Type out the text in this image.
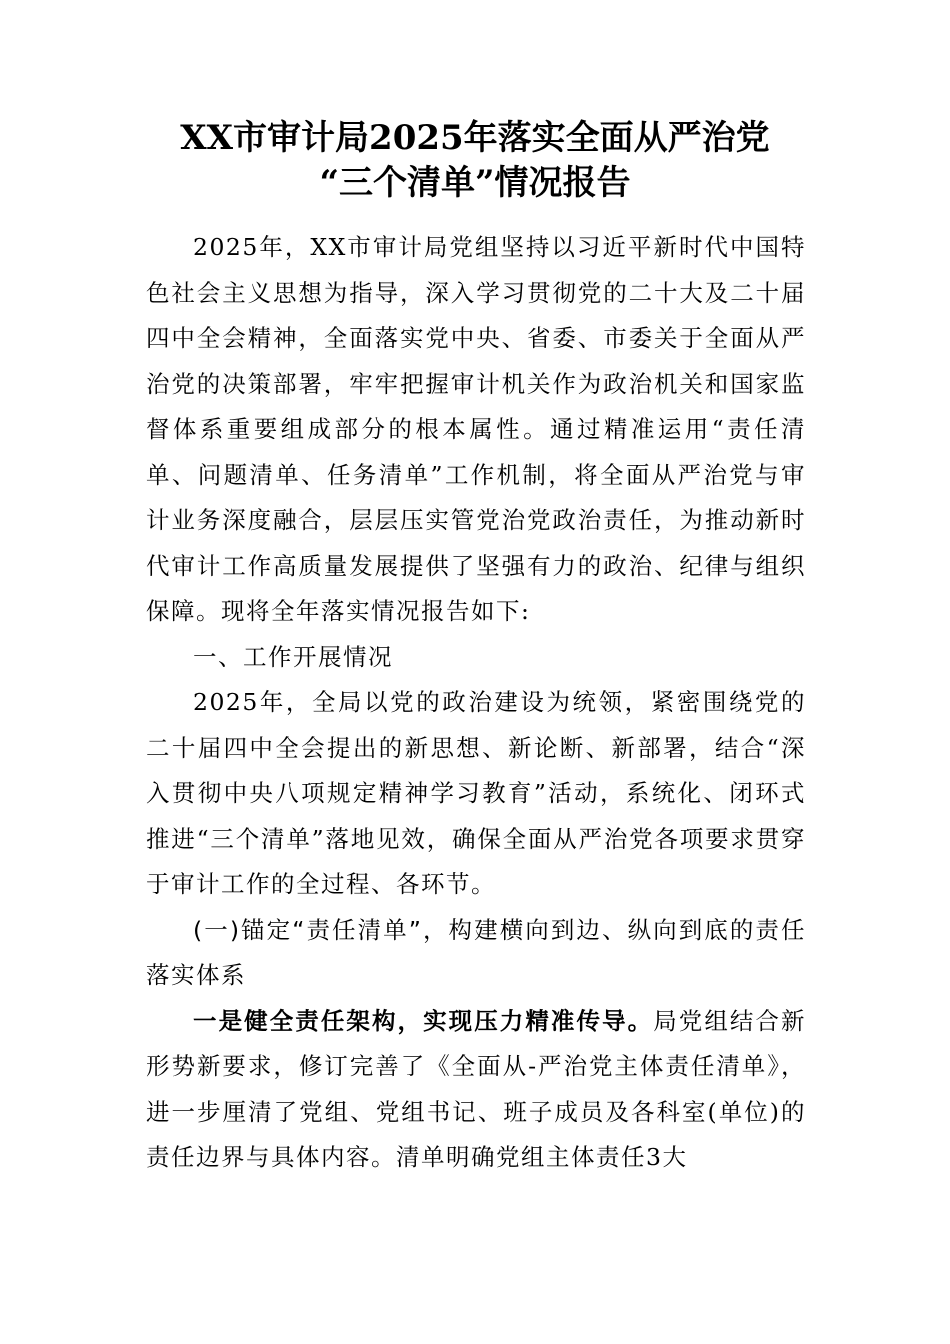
XX市审计局2025年落实全面从严治党
“三个清单”情况报告

2025年，XX市审计局党组坚持以习近平新时代中国特色社会主义思想为指导，深入学习贯彻党的二十大及二十届四中全会精神，全面落实党中央、省委、市委关于全面从严治党的决策部署，牢牢把握审计机关作为政治机关和国家监督体系重要组成部分的根本属性。通过精准运用“责任清单、问题清单、任务清单”工作机制，将全面从严治党与审计业务深度融合，层层压实管党治党政治责任，为推动新时代审计工作高质量发展提供了坚强有力的政治、纪律与组织保障。现将全年落实情况报告如下:

一、工作开展情况

2025年，全局以党的政治建设为统领，紧密围绕党的二十届四中全会提出的新思想、新论断、新部署，结合“深入贯彻中央八项规定精神学习教育”活动，系统化、闭环式推进“三个清单”落地见效，确保全面从严治党各项要求贯穿于审计工作的全过程、各环节。

(一)锚定“责任清单”，构建横向到边、纵向到底的责任落实体系

一是健全责任架构，实现压力精准传导。局党组结合新形势新要求，修订完善了《全面从-严治党主体责任清单》，进一步厘清了党组、党组书记、班子成员及各科室(单位)的责任边界与具体内容。清单明确党组主体责任3大
